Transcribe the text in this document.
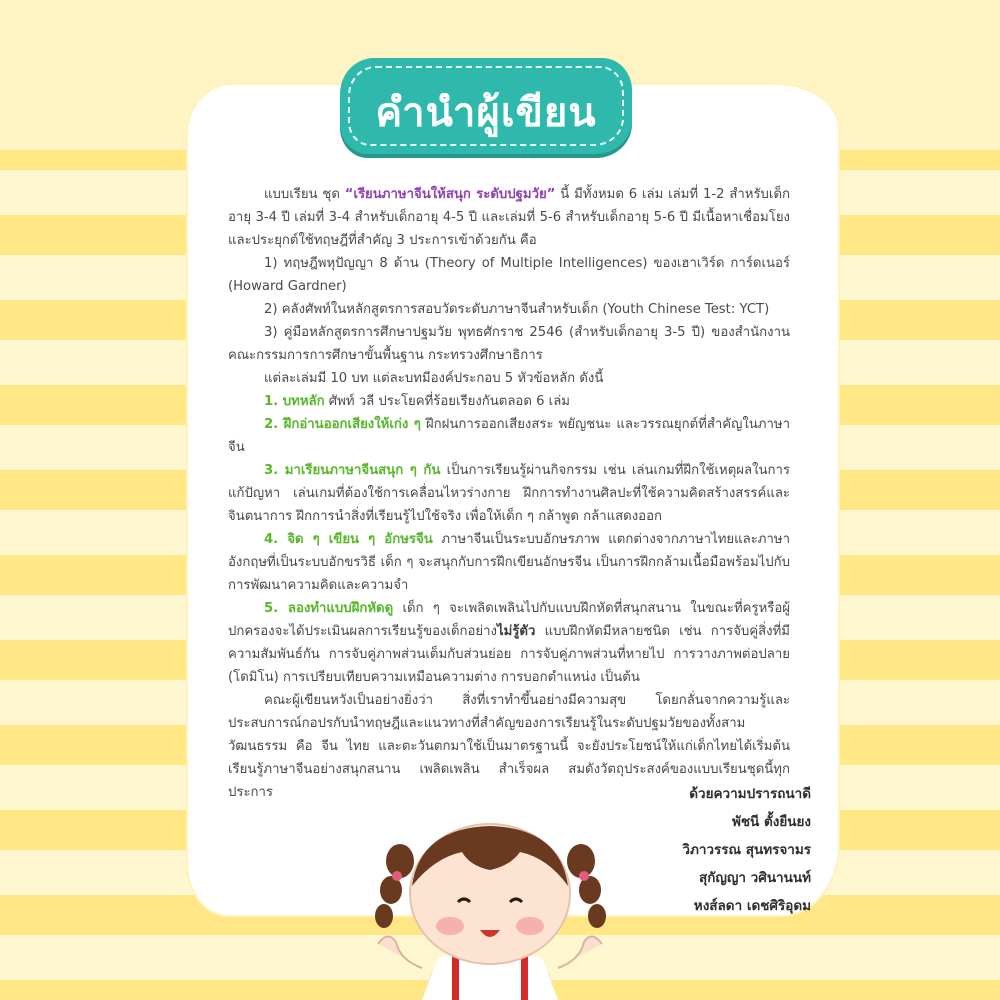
คำนำผู้เขียน

แบบเรียน ชุด “เรียนภาษาจีนให้สนุก ระดับปฐมวัย” นี้ มีทั้งหมด 6 เล่ม เล่มที่ 1-2 สำหรับเด็กอายุ 3-4 ปี เล่มที่ 3-4 สำหรับเด็กอายุ 4-5 ปี และเล่มที่ 5-6 สำหรับเด็กอายุ 5-6 ปี มีเนื้อหาเชื่อมโยงและประยุกต์ใช้ทฤษฎีที่สำคัญ 3 ประการเข้าด้วยกัน คือ

1) ทฤษฎีพหุปัญญา 8 ด้าน (Theory of Multiple Intelligences) ของเฮาเวิร์ด การ์ดเนอร์ (Howard Gardner)

2) คลังศัพท์ในหลักสูตรการสอบวัดระดับภาษาจีนสำหรับเด็ก (Youth Chinese Test: YCT)

3) คู่มือหลักสูตรการศึกษาปฐมวัย พุทธศักราช 2546 (สำหรับเด็กอายุ 3-5 ปี) ของสำนักงานคณะกรรมการการศึกษาขั้นพื้นฐาน กระทรวงศึกษาธิการ

แต่ละเล่มมี 10 บท แต่ละบทมีองค์ประกอบ 5 หัวข้อหลัก ดังนี้

1. บทหลัก ศัพท์ วลี ประโยคที่ร้อยเรียงกันตลอด 6 เล่ม

2. ฝึกอ่านออกเสียงให้เก่ง ๆ ฝึกฝนการออกเสียงสระ พยัญชนะ และวรรณยุกต์ที่สำคัญในภาษาจีน

3. มาเรียนภาษาจีนสนุก ๆ กัน เป็นการเรียนรู้ผ่านกิจกรรม เช่น เล่นเกมที่ฝึกใช้เหตุผลในการแก้ปัญหา เล่นเกมที่ต้องใช้การเคลื่อนไหวร่างกาย ฝึกการทำงานศิลปะที่ใช้ความคิดสร้างสรรค์และจินตนาการ ฝึกการนำสิ่งที่เรียนรู้ไปใช้จริง เพื่อให้เด็ก ๆ กล้าพูด กล้าแสดงออก

4. จิด ๆ เขียน ๆ อักษรจีน ภาษาจีนเป็นระบบอักษรภาพ แตกต่างจากภาษาไทยและภาษาอังกฤษที่เป็นระบบอักขรวิธี เด็ก ๆ จะสนุกกับการฝึกเขียนอักษรจีน เป็นการฝึกกล้ามเนื้อมือพร้อมไปกับการพัฒนาความคิดและความจำ

5. ลองทำแบบฝึกหัดดู เด็ก ๆ จะเพลิดเพลินไปกับแบบฝึกหัดที่สนุกสนาน ในขณะที่ครูหรือผู้ปกครองจะได้ประเมินผลการเรียนรู้ของเด็กอย่างไม่รู้ตัว แบบฝึกหัดมีหลายชนิด เช่น การจับคู่สิ่งที่มีความสัมพันธ์กัน การจับคู่ภาพส่วนเต็มกับส่วนย่อย การจับคู่ภาพส่วนที่หายไป การวางภาพต่อปลาย (โดมิโน) การเปรียบเทียบความเหมือนความต่าง การบอกตำแหน่ง เป็นต้น

คณะผู้เขียนหวังเป็นอย่างยิ่งว่า สิ่งที่เราทำขึ้นอย่างมีความสุข โดยกลั่นจากความรู้และประสบการณ์กอปรกับนำทฤษฎีและแนวทางที่สำคัญของการเรียนรู้ในระดับปฐมวัยของทั้งสามวัฒนธรรม คือ จีน ไทย และตะวันตกมาใช้เป็นมาตรฐานนี้ จะยังประโยชน์ให้แก่เด็กไทยได้เริ่มต้นเรียนรู้ภาษาจีนอย่างสนุกสนาน เพลิดเพลิน สำเร็จผล สมดังวัตถุประสงค์ของแบบเรียนชุดนี้ทุกประการ	ด้วยความปรารถนาดี
พัชนี ตั้งยืนยง
วิภาวรรณ สุนทรจามร
สุกัญญา วศินานนท์
หงส์ลดา เดชศิริอุดม
